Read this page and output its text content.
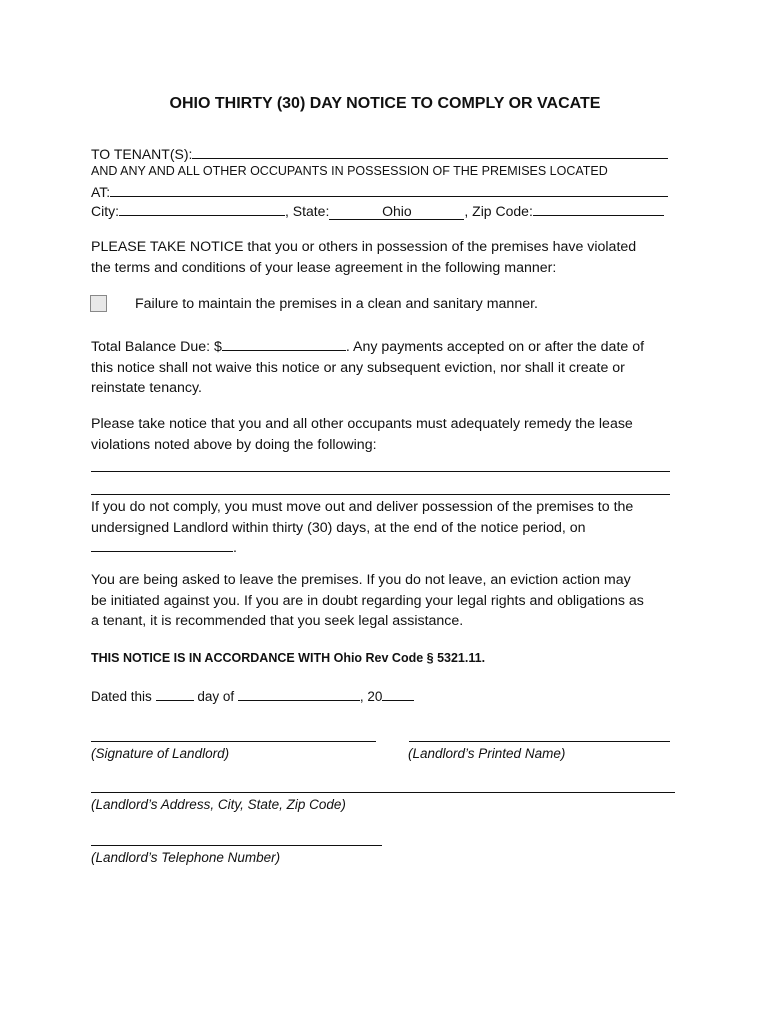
OHIO THIRTY (30) DAY NOTICE TO COMPLY OR VACATE
TO TENANT(S):
AND ANY AND ALL OTHER OCCUPANTS IN POSSESSION OF THE PREMISES LOCATED
AT:
City:	, State:	Ohio	, Zip Code:
PLEASE TAKE NOTICE that you or others in possession of the premises have violated
the terms and conditions of your lease agreement in the following manner:
Failure to maintain the premises in a clean and sanitary manner.
Total Balance Due: $	. Any payments accepted on or after the date of
this notice shall not waive this notice or any subsequent eviction, nor shall it create or
reinstate tenancy.
Please take notice that you and all other occupants must adequately remedy the lease
violations noted above by doing the following:
If you do not comply, you must move out and deliver possession of the premises to the
undersigned Landlord within thirty (30) days, at the end of the notice period, on
.
You are being asked to leave the premises. If you do not leave, an eviction action may
be initiated against you. If you are in doubt regarding your legal rights and obligations as
a tenant, it is recommended that you seek legal assistance.
THIS NOTICE IS IN ACCORDANCE WITH Ohio Rev Code § 5321.11.
Dated this	day of	, 20
(Signature of Landlord)	(Landlord’s Printed Name)
(Landlord’s Address, City, State, Zip Code)
(Landlord’s Telephone Number)
